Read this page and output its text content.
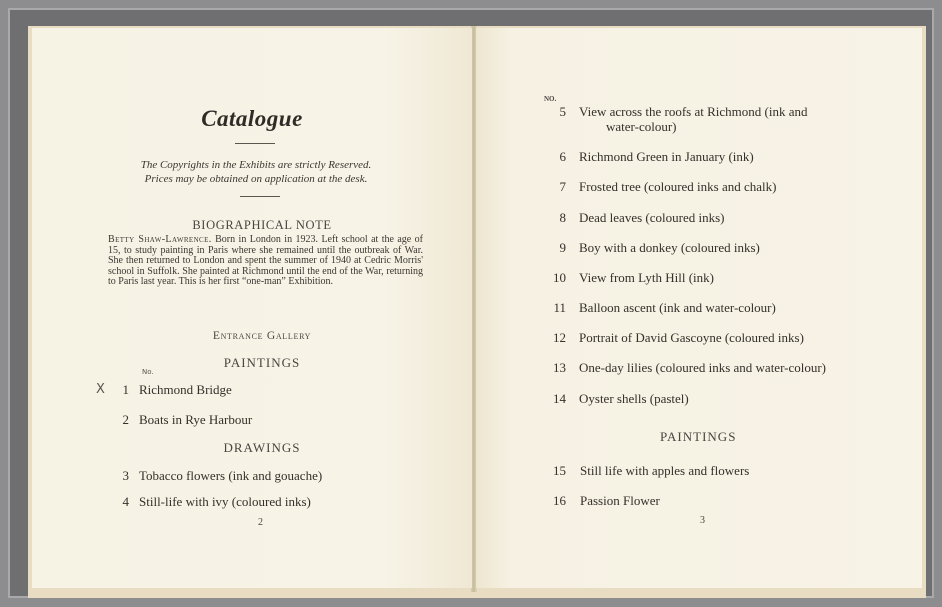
Catalogue
The Copyrights in the Exhibits are strictly Reserved.
Prices may be obtained on application at the desk.
BIOGRAPHICAL NOTE
Betty Shaw-Lawrence. Born in London in 1923. Left school at the age of 15, to study painting in Paris where she remained until the outbreak of War. She then returned to London and spent the summer of 1940 at Cedric Morris' school in Suffolk. She painted at Richmond until the end of the War, returning to Paris last year. This is her first “one-man” Exhibition.
Entrance Gallery
PAINTINGS
No.
X	1 Richmond Bridge
2 Boats in Rye Harbour
DRAWINGS
3 Tobacco flowers (ink and gouache)
4 Still-life with ivy (coloured inks)
2
NO.
5 View across the roofs at Richmond (ink and
water-colour)
6 Richmond Green in January (ink)
7 Frosted tree (coloured inks and chalk)
8 Dead leaves (coloured inks)
9 Boy with a donkey (coloured inks)
10 View from Lyth Hill (ink)
11 Balloon ascent (ink and water-colour)
12 Portrait of David Gascoyne (coloured inks)
13 One-day lilies (coloured inks and water-colour)
14 Oyster shells (pastel)
PAINTINGS
15 Still life with apples and flowers
16 Passion Flower
3
